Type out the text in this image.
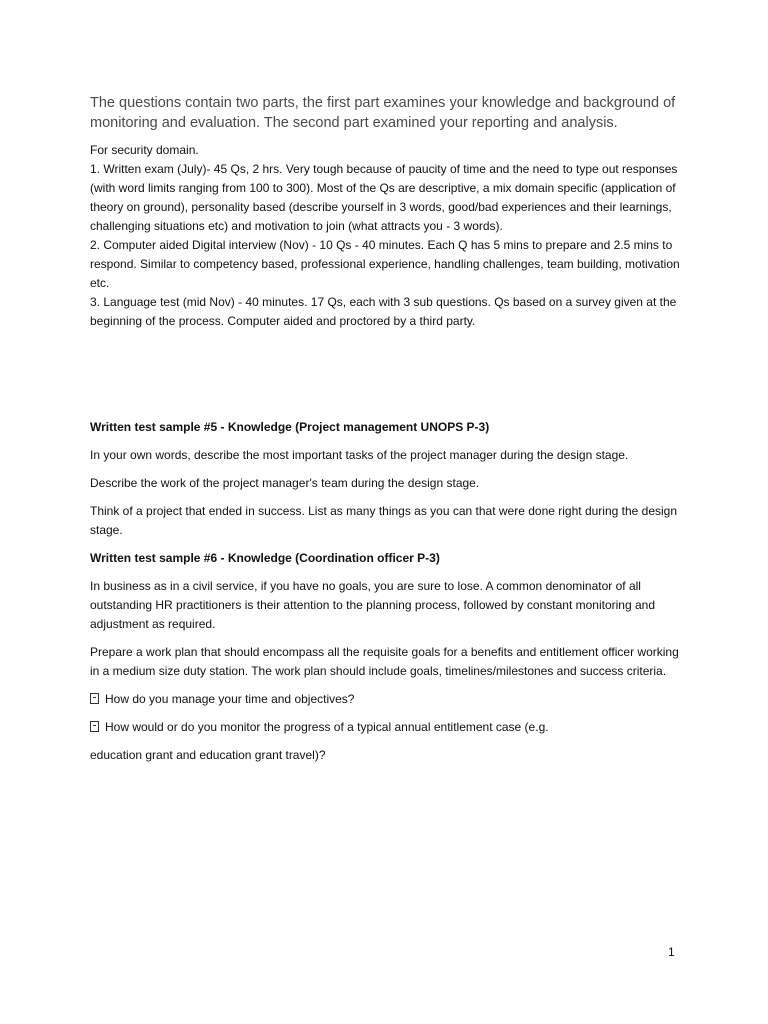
The questions contain two parts, the first part examines your knowledge and background of monitoring and evaluation. The second part examined your reporting and analysis.

For security domain.

1. Written exam (July)- 45 Qs, 2 hrs. Very tough because of paucity of time and the need to type out responses (with word limits ranging from 100 to 300). Most of the Qs are descriptive, a mix domain specific (application of theory on ground), personality based (describe yourself in 3 words, good/bad experiences and their learnings, challenging situations etc) and motivation to join (what attracts you - 3 words).

2. Computer aided Digital interview (Nov) - 10 Qs - 40 minutes. Each Q has 5 mins to prepare and 2.5 mins to respond. Similar to competency based, professional experience, handling challenges, team building, motivation etc.

3. Language test (mid Nov) - 40 minutes. 17 Qs, each with 3 sub questions. Qs based on a survey given at the beginning of the process. Computer aided and proctored by a third party.

Written test sample #5 - Knowledge (Project management UNOPS P-3)

In your own words, describe the most important tasks of the project manager during the design stage.

Describe the work of the project manager's team during the design stage.

Think of a project that ended in success. List as many things as you can that were done right during the design stage.

Written test sample #6 - Knowledge (Coordination officer P-3)

In business as in a civil service, if you have no goals, you are sure to lose. A common denominator of all outstanding HR practitioners is their attention to the planning process, followed by constant monitoring and adjustment as required.

Prepare a work plan that should encompass all the requisite goals for a benefits and entitlement officer working in a medium size duty station. The work plan should include goals, timelines/milestones and success criteria.

How do you manage your time and objectives?

How would or do you monitor the progress of a typical annual entitlement case (e.g.

education grant and education grant travel)?

1
